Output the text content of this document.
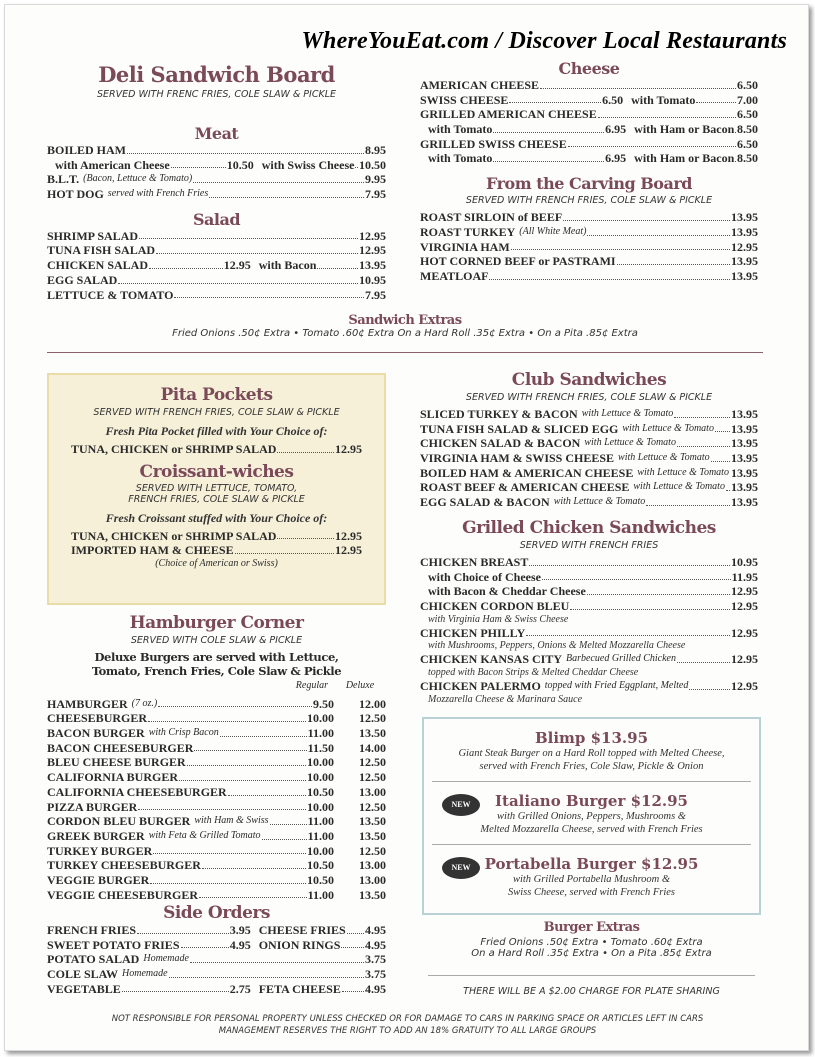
WhereYouEat.com / Discover Local Restaurants
Deli Sandwich Board
SERVED WITH FRENC FRIES, COLE SLAW & PICKLE
Meat
BOILED HAM	8.95
with American Cheese	10.50 with Swiss Cheese 10.50
B.L.T. (Bacon, Lettuce & Tomato)	9.95
HOT DOG served with French Fries	7.95
Salad
SHRIMP SALAD	12.95
TUNA FISH SALAD	12.95
CHICKEN SALAD	12.95 with Bacon	13.95
EGG SALAD	10.95
LETTUCE & TOMATO	7.95
Cheese
AMERICAN CHEESE	6.50
SWISS CHEESE	6.50 with Tomato	7.00
GRILLED AMERICAN CHEESE	6.50
with Tomato	6.95 with Ham or Bacon 8.50
GRILLED SWISS CHEESE	6.50
with Tomato	6.95 with Ham or Bacon 8.50
From the Carving Board
SERVED WITH FRENCH FRIES, COLE SLAW & PICKLE
ROAST SIRLOIN of BEEF	13.95
ROAST TURKEY (All White Meat)	13.95
VIRGINIA HAM	12.95
HOT CORNED BEEF or PASTRAMI	13.95
MEATLOAF	13.95
Sandwich Extras
Fried Onions .50¢ Extra • Tomato .60¢ Extra On a Hard Roll .35¢ Extra • On a Pita .85¢ Extra
Pita Pockets
SERVED WITH FRENCH FRIES, COLE SLAW & PICKLE
Fresh Pita Pocket filled with Your Choice of:
TUNA, CHICKEN or SHRIMP SALAD	12.95
Croissant-wiches
SERVED WITH LETTUCE, TOMATO,
FRENCH FRIES, COLE SLAW & PICKLE
Fresh Croissant stuffed with Your Choice of:
TUNA, CHICKEN or SHRIMP SALAD	12.95
IMPORTED HAM & CHEESE	12.95
(Choice of American or Swiss)
Club Sandwiches
SERVED WITH FRENCH FRIES, COLE SLAW & PICKLE
SLICED TURKEY & BACON with Lettuce & Tomato	13.95
TUNA FISH SALAD & SLICED EGG with Lettuce & Tomato 13.95
CHICKEN SALAD & BACON with Lettuce & Tomato	13.95
VIRGINIA HAM & SWISS CHEESE with Lettuce & Tomato 13.95
BOILED HAM & AMERICAN CHEESE with Lettuce & Tomato 13.95
ROAST BEEF & AMERICAN CHEESE with Lettuce & Tomato 13.95
EGG SALAD & BACON with Lettuce & Tomato	13.95
Grilled Chicken Sandwiches
SERVED WITH FRENCH FRIES
CHICKEN BREAST	10.95
with Choice of Cheese	11.95
with Bacon & Cheddar Cheese	12.95
CHICKEN CORDON BLEU	12.95
with Virginia Ham & Swiss Cheese
CHICKEN PHILLY	12.95
with Mushrooms, Peppers, Onions & Melted Mozzarella Cheese
CHICKEN KANSAS CITY Barbecued Grilled Chicken	12.95
topped with Bacon Strips & Melted Cheddar Cheese
CHICKEN PALERMO topped with Fried Eggplant, Melted	12.95
Mozzarella Cheese & Marinara Sauce
Hamburger Corner
SERVED WITH COLE SLAW & PICKLE
Deluxe Burgers are served with Lettuce,
Tomato, French Fries, Cole Slaw & Pickle
Regular	Deluxe
HAMBURGER (7 oz.)	9.50	12.00
CHEESEBURGER	10.00	12.50
BACON BURGER with Crisp Bacon	11.00	13.50
BACON CHEESEBURGER	11.50	14.00
BLEU CHEESE BURGER	10.00	12.50
CALIFORNIA BURGER	10.00	12.50
CALIFORNIA CHEESEBURGER	10.50	13.00
PIZZA BURGER	10.00	12.50
CORDON BLEU BURGER with Ham & Swiss	11.00	13.50
GREEK BURGER with Feta & Grilled Tomato	11.00	13.50
TURKEY BURGER	10.00	12.50
TURKEY CHEESEBURGER	10.50	13.00
VEGGIE BURGER	10.50	13.00
VEGGIE CHEESEBURGER	11.00	13.50
Blimp $13.95
Giant Steak Burger on a Hard Roll topped with Melted Cheese,
served with French Fries, Cole Slaw, Pickle & Onion
NEW	Italiano Burger $12.95
with Grilled Onions, Peppers, Mushrooms &
Melted Mozzarella Cheese, served with French Fries
NEW Portabella Burger $12.95
with Grilled Portabella Mushroom &
Swiss Cheese, served with French Fries
Side Orders
FRENCH FRIES	3.95 CHEESE FRIES 4.95
SWEET POTATO FRIES	4.95 ONION RINGS 4.95
POTATO SALAD Homemade	3.75
COLE SLAW Homemade	3.75
VEGETABLE	2.75 FETA CHEESE 4.95
Burger Extras
Fried Onions .50¢ Extra • Tomato .60¢ Extra
On a Hard Roll .35¢ Extra • On a Pita .85¢ Extra
THERE WILL BE A $2.00 CHARGE FOR PLATE SHARING
NOT RESPONSIBLE FOR PERSONAL PROPERTY UNLESS CHECKED OR FOR DAMAGE TO CARS IN PARKING SPACE OR ARTICLES LEFT IN CARS
MANAGEMENT RESERVES THE RIGHT TO ADD AN 18% GRATUITY TO ALL LARGE GROUPS
